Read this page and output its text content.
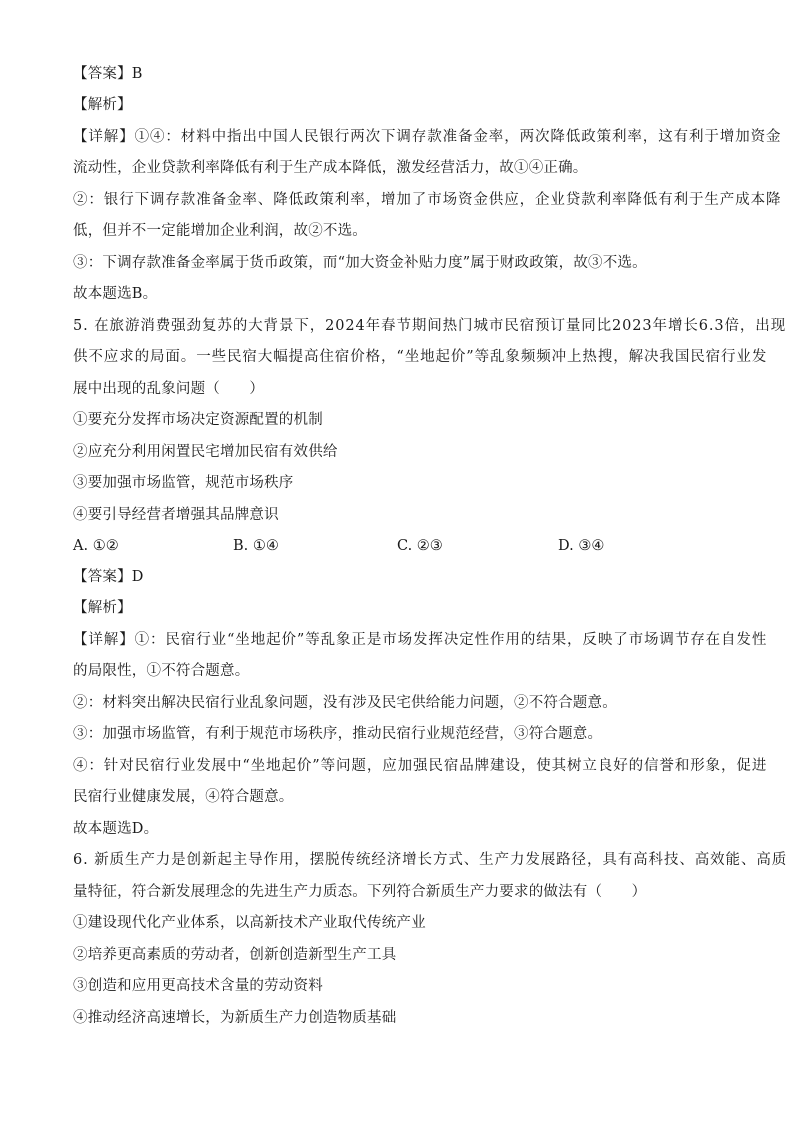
【答案】B
【解析】
【详解】①④：材料中指出中国人民银行两次下调存款准备金率，两次降低政策利率，这有利于增加资金
流动性，企业贷款利率降低有利于生产成本降低，激发经营活力，故①④正确。
②：银行下调存款准备金率、降低政策利率，增加了市场资金供应，企业贷款利率降低有利于生产成本降
低，但并不一定能增加企业利润，故②不选。
③：下调存款准备金率属于货币政策，而“加大资金补贴力度”属于财政政策，故③不选。
故本题选B。
5. 在旅游消费强劲复苏的大背景下，2024年春节期间热门城市民宿预订量同比2023年增长6.3倍，出现
供不应求的局面。一些民宿大幅提高住宿价格，“坐地起价”等乱象频频冲上热搜，解决我国民宿行业发
展中出现的乱象问题（　　）
①要充分发挥市场决定资源配置的机制
②应充分利用闲置民宅增加民宿有效供给
③要加强市场监管，规范市场秩序
④要引导经营者增强其品牌意识
A. ①②	B. ①④	C. ②③	D. ③④
【答案】D
【解析】
【详解】①：民宿行业“坐地起价”等乱象正是市场发挥决定性作用的结果，反映了市场调节存在自发性
的局限性，①不符合题意。
②：材料突出解决民宿行业乱象问题，没有涉及民宅供给能力问题，②不符合题意。
③：加强市场监管，有利于规范市场秩序，推动民宿行业规范经营，③符合题意。
④：针对民宿行业发展中“坐地起价”等问题，应加强民宿品牌建设，使其树立良好的信誉和形象，促进
民宿行业健康发展，④符合题意。
故本题选D。
6. 新质生产力是创新起主导作用，摆脱传统经济增长方式、生产力发展路径，具有高科技、高效能、高质
量特征，符合新发展理念的先进生产力质态。下列符合新质生产力要求的做法有（　　）
①建设现代化产业体系，以高新技术产业取代传统产业
②培养更高素质的劳动者，创新创造新型生产工具
③创造和应用更高技术含量的劳动资料
④推动经济高速增长，为新质生产力创造物质基础
